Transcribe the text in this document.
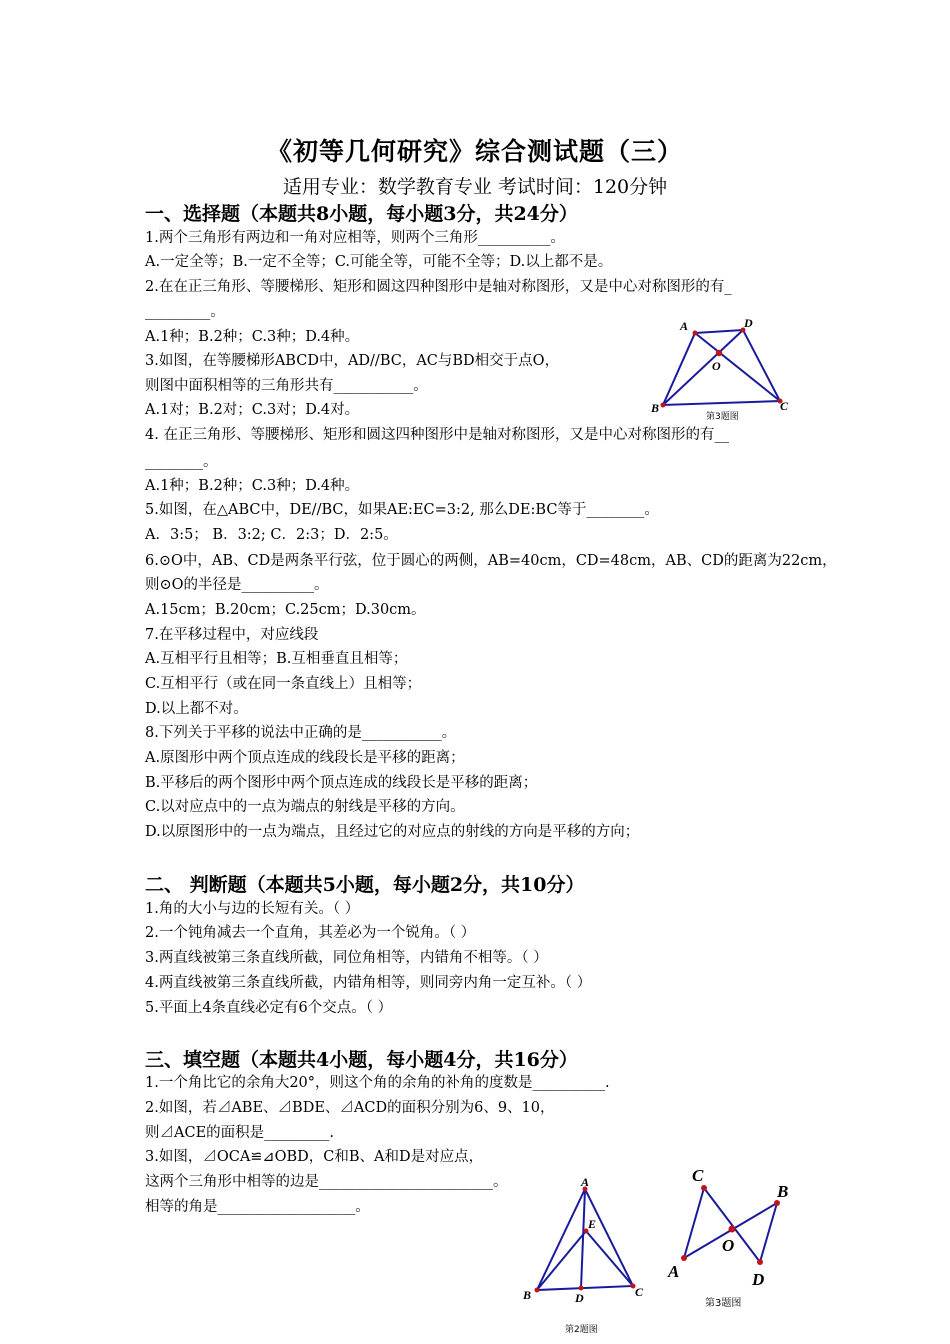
《初等几何研究》综合测试题（三）
适用专业：数学教育专业 考试时间：120分钟
一、选择题（本题共8小题，每小题3分，共24分）
1.两个三角形有两边和一角对应相等，则两个三角形__________。
A.一定全等；B.一定不全等；C.可能全等，可能不全等；D.以上都不是。
2.在在正三角形、等腰梯形、矩形和圆这四种图形中是轴对称图形，又是中心对称图形的有_
_________。
A.1种；B.2种；C.3种；D.4种。
3.如图，在等腰梯形ABCD中，AD//BC，AC与BD相交于点O，
则图中面积相等的三角形共有___________。
A.1对；B.2对；C.3对；D.4对。
4. 在正三角形、等腰梯形、矩形和圆这四种图形中是轴对称图形，又是中心对称图形的有__
________。
A.1种；B.2种；C.3种；D.4种。
5.如图，在△ABC中，DE//BC，如果AE:EC=3:2, 那么DE:BC等于________。
A．3:5； B．3:2; C．2:3；D．2:5。
6.⊙O中，AB、CD是两条平行弦，位于圆心的两侧，AB=40cm，CD=48cm，AB、CD的距离为22cm，
则⊙O的半径是__________。
A.15cm；B.20cm；C.25cm；D.30cm。
7.在平移过程中，对应线段
A.互相平行且相等；B.互相垂直且相等；
C.互相平行（或在同一条直线上）且相等；
D.以上都不对。
8.下列关于平移的说法中正确的是___________。
A.原图形中两个顶点连成的线段长是平移的距离；
B.平移后的两个图形中两个顶点连成的线段长是平移的距离；
C.以对应点中的一点为端点的射线是平移的方向。
D.以原图形中的一点为端点，且经过它的对应点的射线的方向是平移的方向；
二、 判断题（本题共5小题，每小题2分，共10分）
1.角的大小与边的长短有关。（ ）
2.一个钝角减去一个直角，其差必为一个锐角。（ ）
3.两直线被第三条直线所截，同位角相等，内错角不相等。（ ）
4.两直线被第三条直线所截，内错角相等，则同旁内角一定互补。（ ）
5.平面上4条直线必定有6个交点。（ ）
三、填空题（本题共4小题，每小题4分，共16分）
1.一个角比它的余角大20°，则这个角的余角的补角的度数是__________.
2.如图，若⊿ABE、⊿BDE、⊿ACD的面积分别为6、9、10，
则⊿ACE的面积是_________.
3.如图，⊿OCA≌⊿OBD，C和B、A和D是对应点，
这两个三角形中相等的边是________________________。
相等的角是___________________。
A	D
O
B	C
第3题图
A
E
B	D	C
第2题图
C
B
O
A	D
第3题图
